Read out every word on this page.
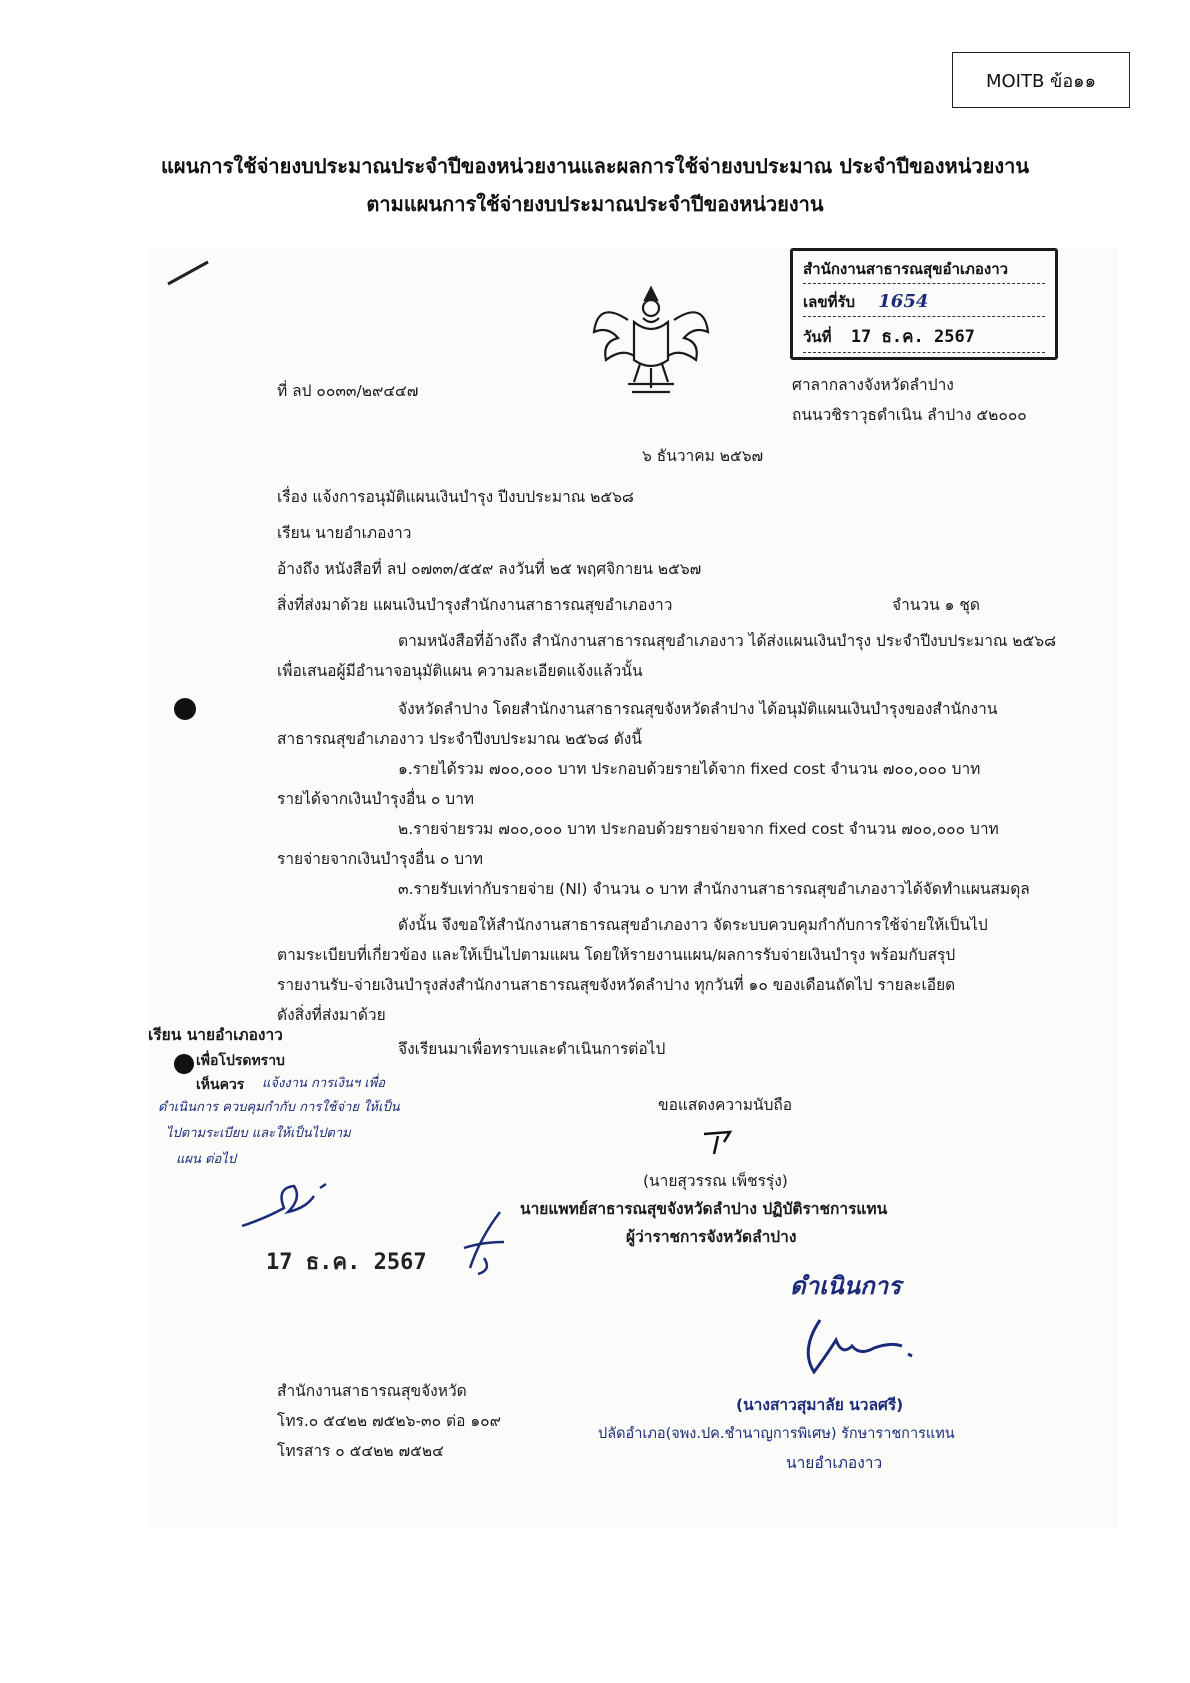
MOITB ข้อ๑๑
แผนการใช้จ่ายงบประมาณประจำปีของหน่วยงานและผลการใช้จ่ายงบประมาณ ประจำปีของหน่วยงาน
ตามแผนการใช้จ่ายงบประมาณประจำปีของหน่วยงาน
สำนักงานสาธารณสุขอำเภองาว
เลขที่รับ 1654
วันที่ 17 ธ.ค. 2567
ที่ ลป ๐๐๓๓/๒๙๔๔๗	ศาลากลางจังหวัดลำปาง
ถนนวชิราวุธดำเนิน ลำปาง ๕๒๐๐๐
๖ ธันวาคม ๒๕๖๗
เรื่อง แจ้งการอนุมัติแผนเงินบำรุง ปีงบประมาณ ๒๕๖๘
เรียน นายอำเภองาว
อ้างถึง หนังสือที่ ลป ๐๗๓๓/๕๕๙ ลงวันที่ ๒๕ พฤศจิกายน ๒๕๖๗
สิ่งที่ส่งมาด้วย แผนเงินบำรุงสำนักงานสาธารณสุขอำเภองาว	จำนวน ๑ ชุด
ตามหนังสือที่อ้างถึง สำนักงานสาธารณสุขอำเภองาว ได้ส่งแผนเงินบำรุง ประจำปีงบประมาณ ๒๕๖๘
เพื่อเสนอผู้มีอำนาจอนุมัติแผน ความละเอียดแจ้งแล้วนั้น
จังหวัดลำปาง โดยสำนักงานสาธารณสุขจังหวัดลำปาง ได้อนุมัติแผนเงินบำรุงของสำนักงาน
สาธารณสุขอำเภองาว ประจำปีงบประมาณ ๒๕๖๘ ดังนี้
๑.รายได้รวม ๗๐๐,๐๐๐ บาท ประกอบด้วยรายได้จาก fixed cost จำนวน ๗๐๐,๐๐๐ บาท
รายได้จากเงินบำรุงอื่น ๐ บาท
๒.รายจ่ายรวม ๗๐๐,๐๐๐ บาท ประกอบด้วยรายจ่ายจาก fixed cost จำนวน ๗๐๐,๐๐๐ บาท
รายจ่ายจากเงินบำรุงอื่น ๐ บาท
๓.รายรับเท่ากับรายจ่าย (NI) จำนวน ๐ บาท สำนักงานสาธารณสุขอำเภองาวได้จัดทำแผนสมดุล
ดังนั้น จึงขอให้สำนักงานสาธารณสุขอำเภองาว จัดระบบควบคุมกำกับการใช้จ่ายให้เป็นไป
ตามระเบียบที่เกี่ยวข้อง และให้เป็นไปตามแผน โดยให้รายงานแผน/ผลการรับจ่ายเงินบำรุง พร้อมกับสรุป
รายงานรับ-จ่ายเงินบำรุงส่งสำนักงานสาธารณสุขจังหวัดลำปาง ทุกวันที่ ๑๐ ของเดือนถัดไป รายละเอียด
ดังสิ่งที่ส่งมาด้วย
จึงเรียนมาเพื่อทราบและดำเนินการต่อไป
ขอแสดงความนับถือ
(นายสุวรรณ เพ็ชรรุ่ง)
นายแพทย์สาธารณสุขจังหวัดลำปาง ปฏิบัติราชการแทน
ผู้ว่าราชการจังหวัดลำปาง
เรียน นายอำเภองาว
เพื่อโปรดทราบ
เห็นควร แจ้งงาน การเงินฯ เพื่อ
ดำเนินการ ควบคุมกำกับ การใช้จ่าย ให้เป็น
ไปตามระเบียบ และให้เป็นไปตาม
แผน ต่อไป
17 ธ.ค. 2567
ดำเนินการ
(นางสาวสุมาลัย นวลศรี)
ปลัดอำเภอ(จพง.ปค.ชำนาญการพิเศษ) รักษาราชการแทน
นายอำเภองาว
สำนักงานสาธารณสุขจังหวัด
โทร.๐ ๕๔๒๒ ๗๕๒๖-๓๐ ต่อ ๑๐๙
โทรสาร ๐ ๕๔๒๒ ๗๕๒๔
